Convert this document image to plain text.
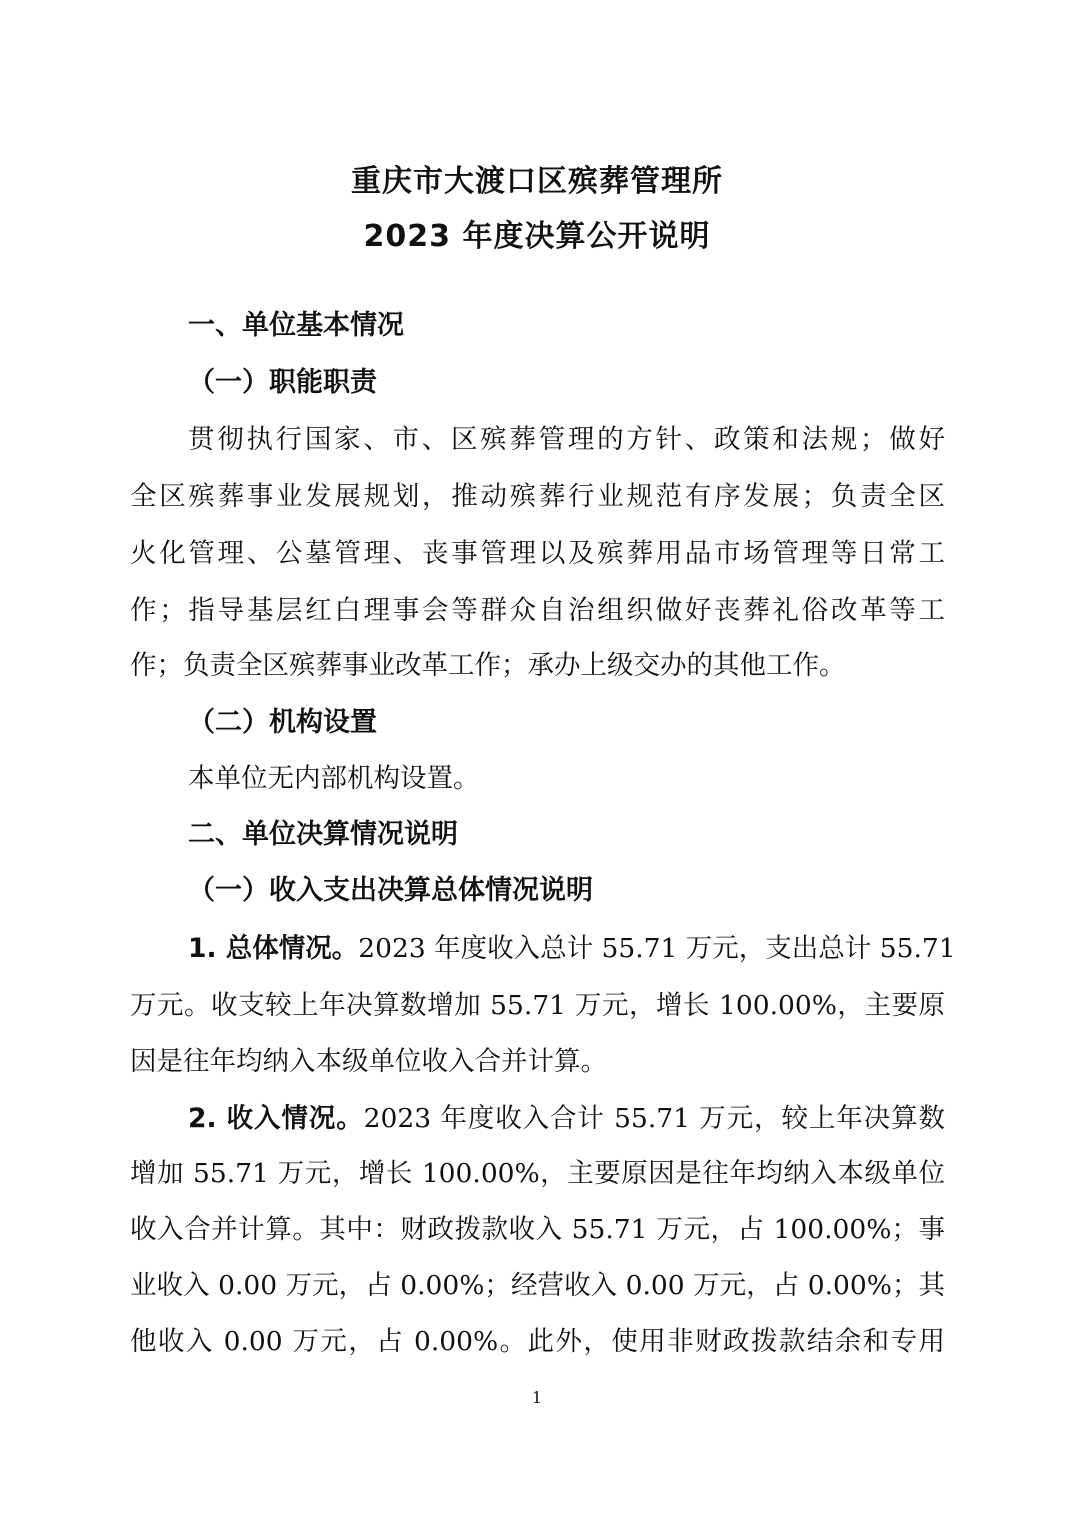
重庆市大渡口区殡葬管理所
2023 年度决算公开说明
一、单位基本情况
（一）职能职责
贯彻执行国家、市、区殡葬管理的方针、政策和法规；做好
全区殡葬事业发展规划，推动殡葬行业规范有序发展；负责全区
火化管理、公墓管理、丧事管理以及殡葬用品市场管理等日常工
作；指导基层红白理事会等群众自治组织做好丧葬礼俗改革等工
作；负责全区殡葬事业改革工作；承办上级交办的其他工作。
（二）机构设置
本单位无内部机构设置。
二、单位决算情况说明
（一）收入支出决算总体情况说明
1. 总体情况。2023 年度收入总计 55.71 万元，支出总计 55.71
万元。收支较上年决算数增加 55.71 万元，增长 100.00%，主要原
因是往年均纳入本级单位收入合并计算。
2. 收入情况。2023 年度收入合计 55.71 万元，较上年决算数
增加 55.71 万元，增长 100.00%，主要原因是往年均纳入本级单位
收入合并计算。其中：财政拨款收入 55.71 万元，占 100.00%；事
业收入 0.00 万元，占 0.00%；经营收入 0.00 万元，占 0.00%；其
他收入 0.00 万元，占 0.00%。此外，使用非财政拨款结余和专用
1
